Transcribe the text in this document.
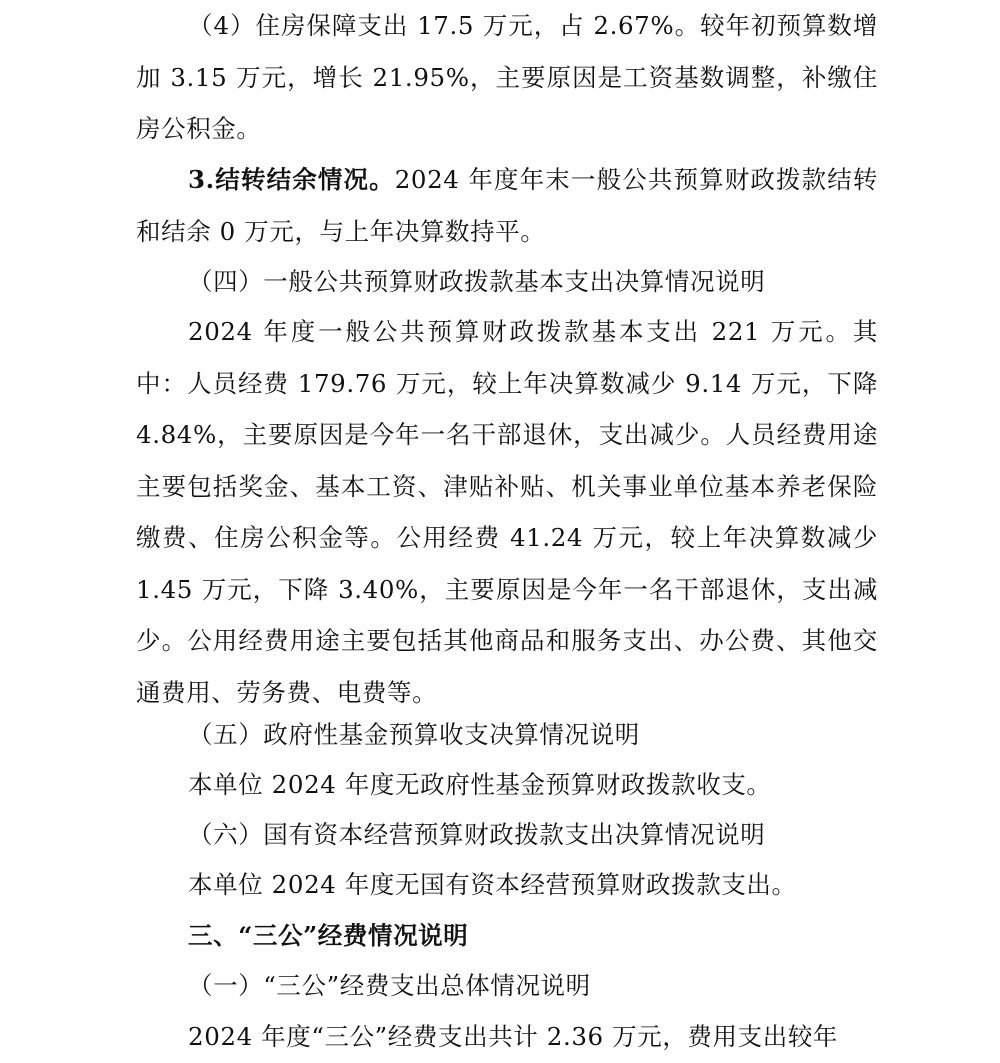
（4）住房保障支出 17.5 万元，占 2.67%。较年初预算数增加 3.15 万元，增长 21.95%，主要原因是工资基数调整，补缴住房公积金。

3.结转结余情况。2024 年度年末一般公共预算财政拨款结转和结余 0 万元，与上年决算数持平。

（四）一般公共预算财政拨款基本支出决算情况说明

2024 年度一般公共预算财政拨款基本支出 221 万元。其中：人员经费 179.76 万元，较上年决算数减少 9.14 万元，下降 4.84%，主要原因是今年一名干部退休，支出减少。人员经费用途主要包括奖金、基本工资、津贴补贴、机关事业单位基本养老保险缴费、住房公积金等。公用经费 41.24 万元，较上年决算数减少 1.45 万元，下降 3.40%，主要原因是今年一名干部退休，支出减少。公用经费用途主要包括其他商品和服务支出、办公费、其他交通费用、劳务费、电费等。

（五）政府性基金预算收支决算情况说明

本单位 2024 年度无政府性基金预算财政拨款收支。

（六）国有资本经营预算财政拨款支出决算情况说明

本单位 2024 年度无国有资本经营预算财政拨款支出。

三、“三公”经费情况说明

（一）“三公”经费支出总体情况说明

2024 年度“三公”经费支出共计 2.36 万元，费用支出较年
